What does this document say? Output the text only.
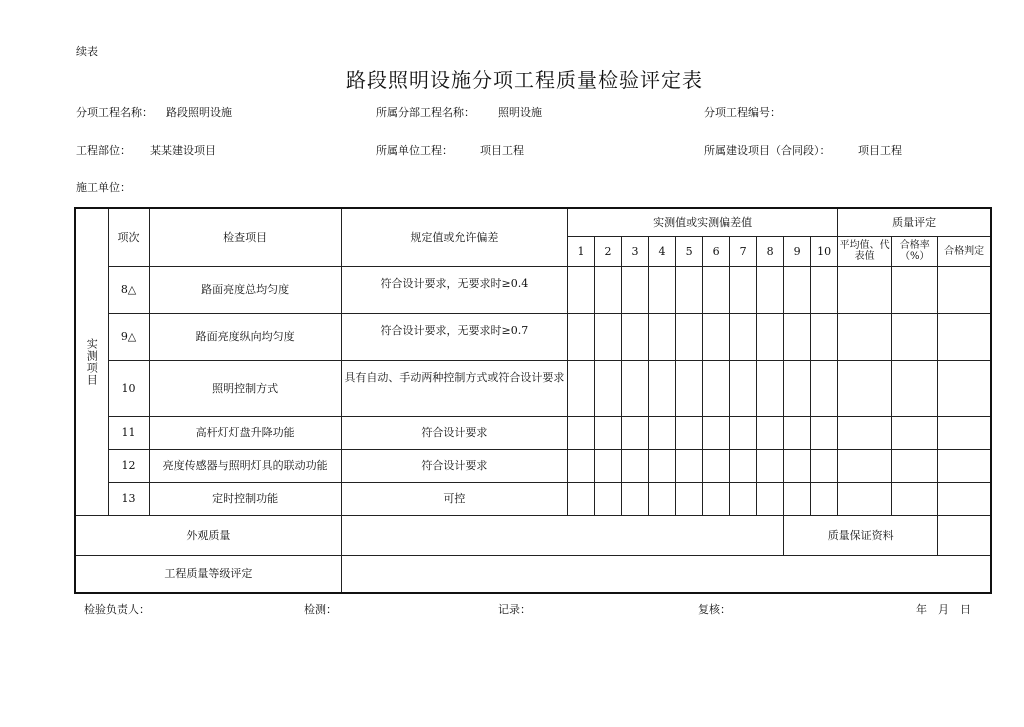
续表
路段照明设施分项工程质量检验评定表
分项工程名称： 路段照明设施	所属分部工程名称： 照明设施	分项工程编号：
工程部位： 某某建设项目	所属单位工程： 项目工程	所属建设项目（合同段）：	项目工程
施工单位：
实测项目	项次	检查项目	规定值或允许偏差	实测值或实测偏差值										质量评定		
				1	2	3	4	5	6	7	8	9	10	平均值、代表值	合格率（%）	合格判定
	8△	路面亮度总均匀度	符合设计要求，无要求时≥0.4													
	9△	路面亮度纵向均匀度	符合设计要求，无要求时≥0.7													
	10	照明控制方式	具有自动、手动两种控制方式或符合设计要求													
	11	高杆灯灯盘升降功能	符合设计要求													
	12	亮度传感器与照明灯具的联动功能	符合设计要求													
	13	定时控制功能	可控													
外观质量												质量保证资料				
工程质量等级评定																
检验负责人：	检测：	记录：	复核：	年　月　日
